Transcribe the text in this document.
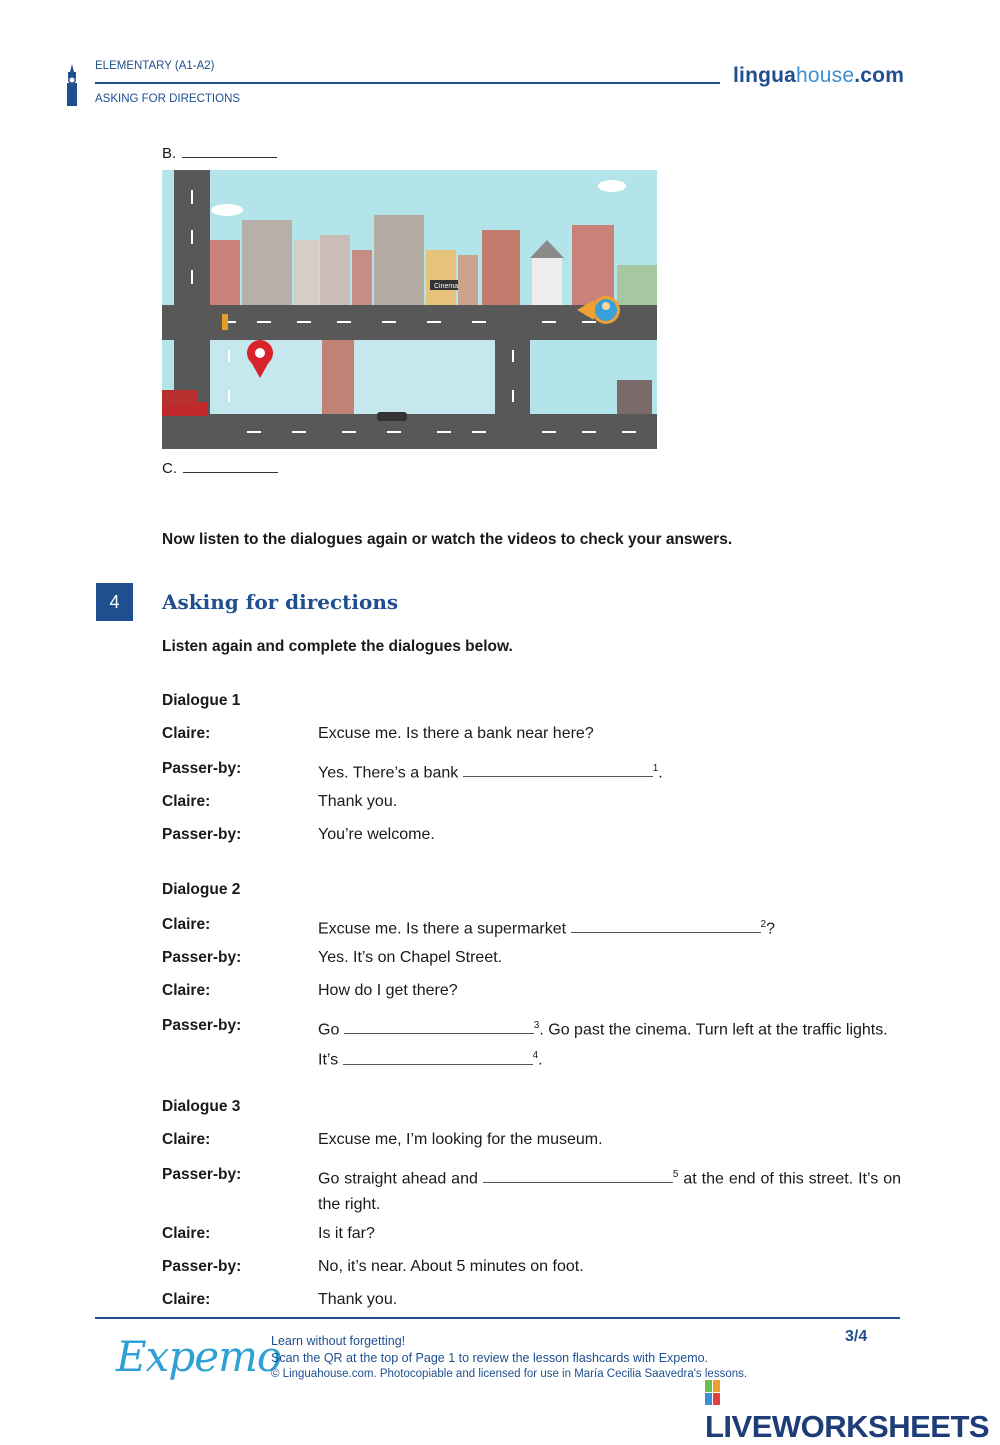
ELEMENTARY (A1-A2)
ASKING FOR DIRECTIONS
linguahouse.com
B.
Cinema
C.
Now listen to the dialogues again or watch the videos to check your answers.
4	Asking for directions
Listen again and complete the dialogues below.
Dialogue 1
Claire:	Excuse me. Is there a bank near here?
Passer-by:	Yes. There’s a bank	$^1$.
Claire:	Thank you.
Passer-by:	You’re welcome.
Dialogue 2
Claire:	Excuse me. Is there a supermarket	$^2$?
Passer-by:	Yes. It’s on Chapel Street.
Claire:	How do I get there?
Passer-by:	Go	$^3$. Go past the cinema. Turn left at the traffic lights.
It’s	$^4$.
Dialogue 3
Claire:	Excuse me, I’m looking for the museum.
Passer-by:	Go straight ahead and	$^5$ at the end of this street. It’s on the right.
Claire:	Is it far?
Passer-by:	No, it’s near. About 5 minutes on foot.
Claire:	Thank you.
Expemo
Learn without forgetting!
Scan the QR at the top of Page 1 to review the lesson flashcards with Expemo.
© Linguahouse.com. Photocopiable and licensed for use in María Cecilia Saavedra's lessons.
3/4
LIVEWORKSHEETS
